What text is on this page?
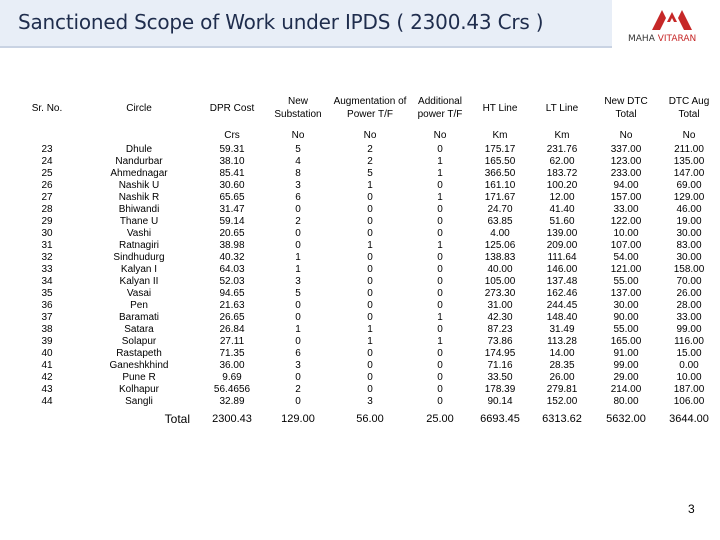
Sanctioned Scope of Work under IPDS ( 2300.43 Crs )
MAHA VITARAN
Sr. No.	Circle	DPR Cost	New Substation	Augmentation of Power T/F	Additional power T/F	HT Line	LT Line	New DTC Total	DTC Aug Total
		Crs	No	No	No	Km	Km	No	No
23	Dhule	59.31	5	2	0	175.17	231.76	337.00	211.00
24	Nandurbar	38.10	4	2	1	165.50	62.00	123.00	135.00
25	Ahmednagar	85.41	8	5	1	366.50	183.72	233.00	147.00
26	Nashik U	30.60	3	1	0	161.10	100.20	94.00	69.00
27	Nashik R	65.65	6	0	1	171.67	12.00	157.00	129.00
28	Bhiwandi	31.47	0	0	0	24.70	41.40	33.00	46.00
29	Thane U	59.14	2	0	0	63.85	51.60	122.00	19.00
30	Vashi	20.65	0	0	0	4.00	139.00	10.00	30.00
31	Ratnagiri	38.98	0	1	1	125.06	209.00	107.00	83.00
32	Sindhudurg	40.32	1	0	0	138.83	111.64	54.00	30.00
33	Kalyan I	64.03	1	0	0	40.00	146.00	121.00	158.00
34	Kalyan II	52.03	3	0	0	105.00	137.48	55.00	70.00
35	Vasai	94.65	5	0	0	273.30	162.46	137.00	26.00
36	Pen	21.63	0	0	0	31.00	244.45	30.00	28.00
37	Baramati	26.65	0	0	1	42.30	148.40	90.00	33.00
38	Satara	26.84	1	1	0	87.23	31.49	55.00	99.00
39	Solapur	27.11	0	1	1	73.86	113.28	165.00	116.00
40	Rastapeth	71.35	6	0	0	174.95	14.00	91.00	15.00
41	Ganeshkhind	36.00	3	0	0	71.16	28.35	99.00	0.00
42	Pune R	9.69	0	0	0	33.50	26.00	29.00	10.00
43	Kolhapur	56.4656	2	0	0	178.39	279.81	214.00	187.00
44	Sangli	32.89	0	3	0	90.14	152.00	80.00	106.00
Total		2300.43	129.00	56.00	25.00	6693.45	6313.62	5632.00	3644.00
3
